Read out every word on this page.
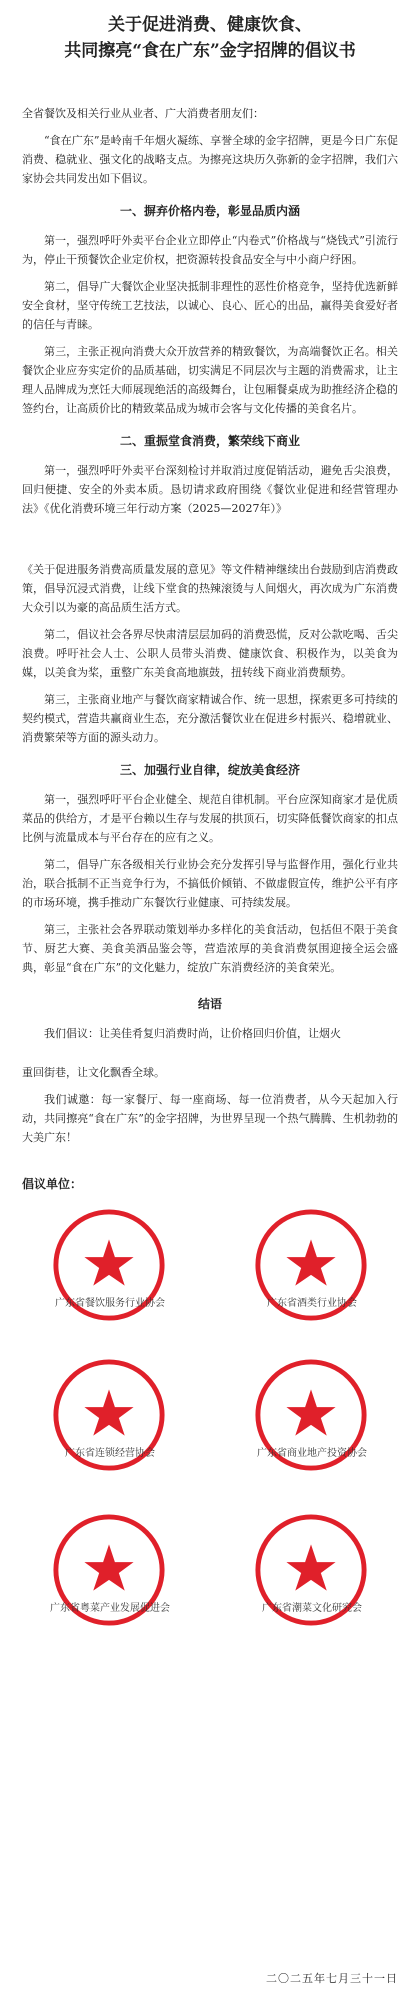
关于促进消费、健康饮食、
共同擦亮“食在广东”金字招牌的倡议书

全省餐饮及相关行业从业者、广大消费者朋友们：

“食在广东”是岭南千年烟火凝练、享誉全球的金字招牌，更是今日广东促消费、稳就业、强文化的战略支点。为擦亮这块历久弥新的金字招牌，我们六家协会共同发出如下倡议。

一、摒弃价格内卷，彰显品质内涵

第一，强烈呼吁外卖平台企业立即停止“内卷式”价格战与“烧钱式”引流行为，停止干预餐饮企业定价权，把资源转投食品安全与中小商户纾困。

第二，倡导广大餐饮企业坚决抵制非理性的恶性价格竞争，坚持优选新鲜安全食材，坚守传统工艺技法，以诚心、良心、匠心的出品，赢得美食爱好者的信任与青睐。

第三，主张正视向消费大众开放营养的精致餐饮，为高端餐饮正名。相关餐饮企业应夯实定价的品质基础，切实满足不同层次与主题的消费需求，让主理人品牌成为烹饪大师展现绝活的高级舞台，让包厢餐桌成为助推经济企稳的签约台，让高质价比的精致菜品成为城市会客与文化传播的美食名片。

二、重振堂食消费，繁荣线下商业

第一，强烈呼吁外卖平台深刻检讨并取消过度促销活动，避免舌尖浪费，回归便捷、安全的外卖本质。恳切请求政府围绕《餐饮业促进和经营管理办法》《优化消费环境三年行动方案（2025—2027年）》

《关于促进服务消费高质量发展的意见》等文件精神继续出台鼓励到店消费政策，倡导沉浸式消费，让线下堂食的热辣滚烫与人间烟火，再次成为广东消费大众引以为豪的高品质生活方式。

第二，倡议社会各界尽快肃清层层加码的消费恐慌，反对公款吃喝、舌尖浪费。呼吁社会人士、公职人员带头消费、健康饮食、积极作为，以美食为媒，以美食为桨，重整广东美食高地旗鼓，扭转线下商业消费颓势。

第三，主张商业地产与餐饮商家精诚合作、统一思想，探索更多可持续的契约模式，营造共赢商业生态，充分激活餐饮业在促进乡村振兴、稳增就业、消费繁荣等方面的源头动力。

三、加强行业自律，绽放美食经济

第一，强烈呼吁平台企业健全、规范自律机制。平台应深知商家才是优质菜品的供给方，才是平台赖以生存与发展的拱顶石，切实降低餐饮商家的扣点比例与流量成本与平台存在的应有之义。

第二，倡导广东各级相关行业协会充分发挥引导与监督作用，强化行业共治，联合抵制不正当竞争行为，不搞低价倾销、不做虚假宣传，维护公平有序的市场环境，携手推动广东餐饮行业健康、可持续发展。

第三，主张社会各界联动策划举办多样化的美食活动，包括但不限于美食节、厨艺大赛、美食美酒品鉴会等，营造浓厚的美食消费氛围迎接全运会盛典，彰显“食在广东”的文化魅力，绽放广东消费经济的美食荣光。

结语

我们倡议：让美佳肴复归消费时尚，让价格回归价值，让烟火

重回街巷，让文化飘香全球。

我们诚邀：每一家餐厅、每一座商场、每一位消费者，从今天起加入行动，共同擦亮“食在广东”的金字招牌，为世界呈现一个热气腾腾、生机勃勃的大美广东！

倡议单位：
广东省餐饮服务行业协会	广东省酒类行业协会
广东省连锁经营协会	广东省商业地产投资协会
广东省粤菜产业发展促进会	广东省潮菜文化研究会
二〇二五年七月三十一日
